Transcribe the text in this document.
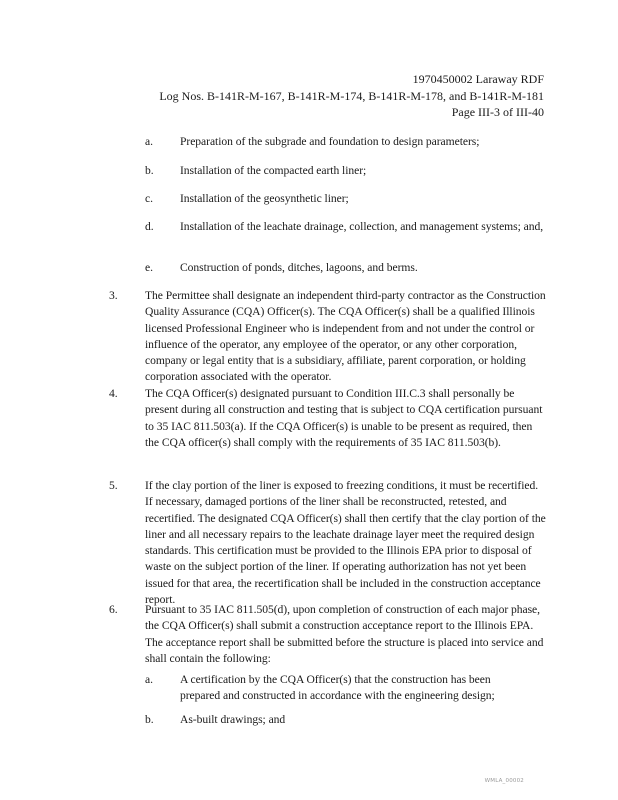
1970450002 Laraway RDF
Log Nos. B-141R-M-167, B-141R-M-174, B-141R-M-178, and B-141R-M-181
Page III-3 of III-40
a. Preparation of the subgrade and foundation to design parameters;
b. Installation of the compacted earth liner;
c. Installation of the geosynthetic liner;
d. Installation of the leachate drainage, collection, and management systems; and,
e. Construction of ponds, ditches, lagoons, and berms.
3. The Permittee shall designate an independent third-party contractor as the Construction Quality Assurance (CQA) Officer(s). The CQA Officer(s) shall be a qualified Illinois licensed Professional Engineer who is independent from and not under the control or influence of the operator, any employee of the operator, or any other corporation, company or legal entity that is a subsidiary, affiliate, parent corporation, or holding corporation associated with the operator.
4. The CQA Officer(s) designated pursuant to Condition III.C.3 shall personally be present during all construction and testing that is subject to CQA certification pursuant to 35 IAC 811.503(a). If the CQA Officer(s) is unable to be present as required, then the CQA officer(s) shall comply with the requirements of 35 IAC 811.503(b).
5. If the clay portion of the liner is exposed to freezing conditions, it must be recertified. If necessary, damaged portions of the liner shall be reconstructed, retested, and recertified. The designated CQA Officer(s) shall then certify that the clay portion of the liner and all necessary repairs to the leachate drainage layer meet the required design standards. This certification must be provided to the Illinois EPA prior to disposal of waste on the subject portion of the liner. If operating authorization has not yet been issued for that area, the recertification shall be included in the construction acceptance report.
6. Pursuant to 35 IAC 811.505(d), upon completion of construction of each major phase, the CQA Officer(s) shall submit a construction acceptance report to the Illinois EPA. The acceptance report shall be submitted before the structure is placed into service and shall contain the following:
a. A certification by the CQA Officer(s) that the construction has been prepared and constructed in accordance with the engineering design;
b. As-built drawings; and
WMLA_00002
